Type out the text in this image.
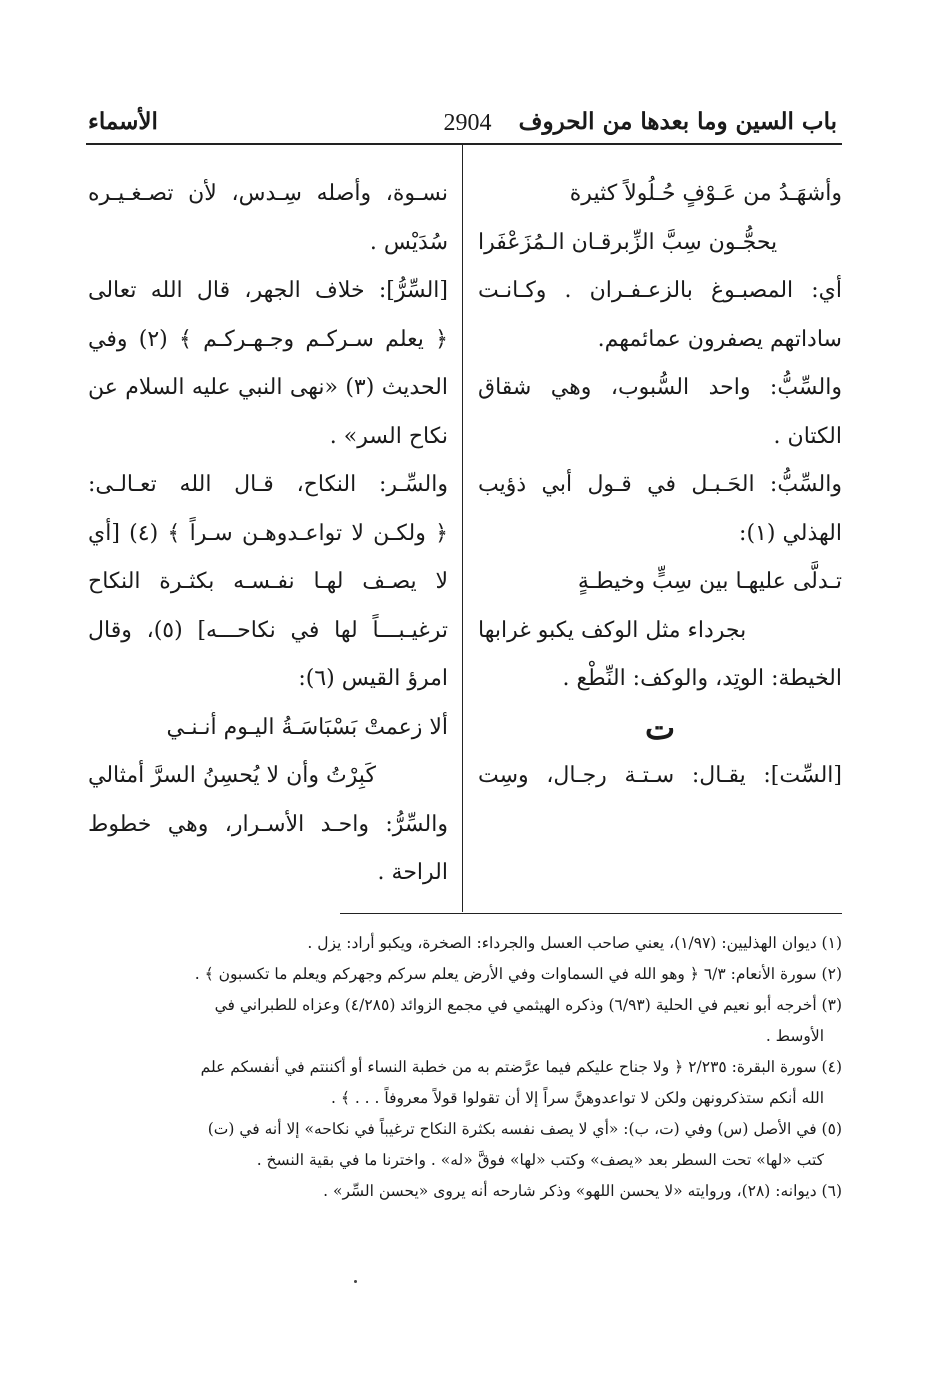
باب السين وما بعدها من الحروف
2904
الأسماء
وأشهَـدُ من عَـوْفٍ حُـلُولاً كثيرة
يحجُّـون سِبَّ الزِّبرقـان الـمُزَعْفَرا
أي: المصبـوغ بالزعـفـران . وكـانـت
ساداتهم يصفرون عمائمهم.
والسِّبُّ: واحد السُّبوب، وهي شقاق
الكتان .
والسِّبُّ: الحَـبـل في قـول أبي ذؤيب
الهذلي (١):
تـدلَّى عليهـا بين سِبٍّ وخيطـةٍ
بجرداء مثل الوكف يكبو غرابها
الخيطة: الوتِد، والوكف: النِّطْع .
ت
[السِّت]: يقـال: سـتـة رجـال، وسِت
نسـوة، وأصله سِـدس، لأن تصـغـيـره
سُدَيْس .
[السِّرُّ]: خلاف الجهر، قال الله تعالى
﴿ يعلم سـركـم وجـهـركـم ﴾ (٢) وفي
الحديث (٣) «نهى النبي عليه السلام عن
نكاح السر» .
والسِّـر: النكاح، قـال الله تعـالـى:
﴿ ولكـن لا تواعـدوهـن سـراً ﴾ (٤) [أي
لا يصـف لهـا نفـسـه بكثـرة النكاح
ترغيـبـــاً لها في نكاحـــه] (٥)، وقال
امرؤ القيس (٦):
ألا زعمتْ بَسْبَاسَـةُ اليـوم أنـنـي
كَبِرْتُ وأن لا يُحسِنُ السرَّ أمثالي
والسِّرُّ: واحـد الأسـرار، وهي خطوط
الراحة .
(١) ديوان الهذليين: (١/٩٧)، يعني صاحب العسل والجرداء: الصخرة، ويكبو أراد: يزل .
(٢) سورة الأنعام: ٦/٣ ﴿ وهو الله في السماوات وفي الأرض يعلم سركم وجهركم ويعلم ما تكسبون ﴾ .
(٣) أخرجه أبو نعيم في الحلية (٦/٩٣) وذكره الهيثمي في مجمع الزوائد (٤/٢٨٥) وعزاه للطبراني في
الأوسط .
(٤) سورة البقرة: ٢/٢٣٥ ﴿ ولا جناح عليكم فيما عرَّضتم به من خطبة النساء أو أكننتم في أنفسكم علم
الله أنكم ستذكرونهن ولكن لا تواعدوهنَّ سراً إلا أن تقولوا قولاً معروفاً . . . ﴾ .
(٥) في الأصل (س) وفي (ت، ب): «أي لا يصف نفسه بكثرة النكاح ترغيباً في نكاحه» إلا أنه في (ت)
كتب «لها» تحت السطر بعد «يصف» وكتب «لها» فوقَّ «له» . واخترنا ما في بقية النسخ .
(٦) ديوانه: (٢٨)، وروايته «لا يحسن اللهو» وذكر شارحه أنه يروى «يحسن السِّر» .
